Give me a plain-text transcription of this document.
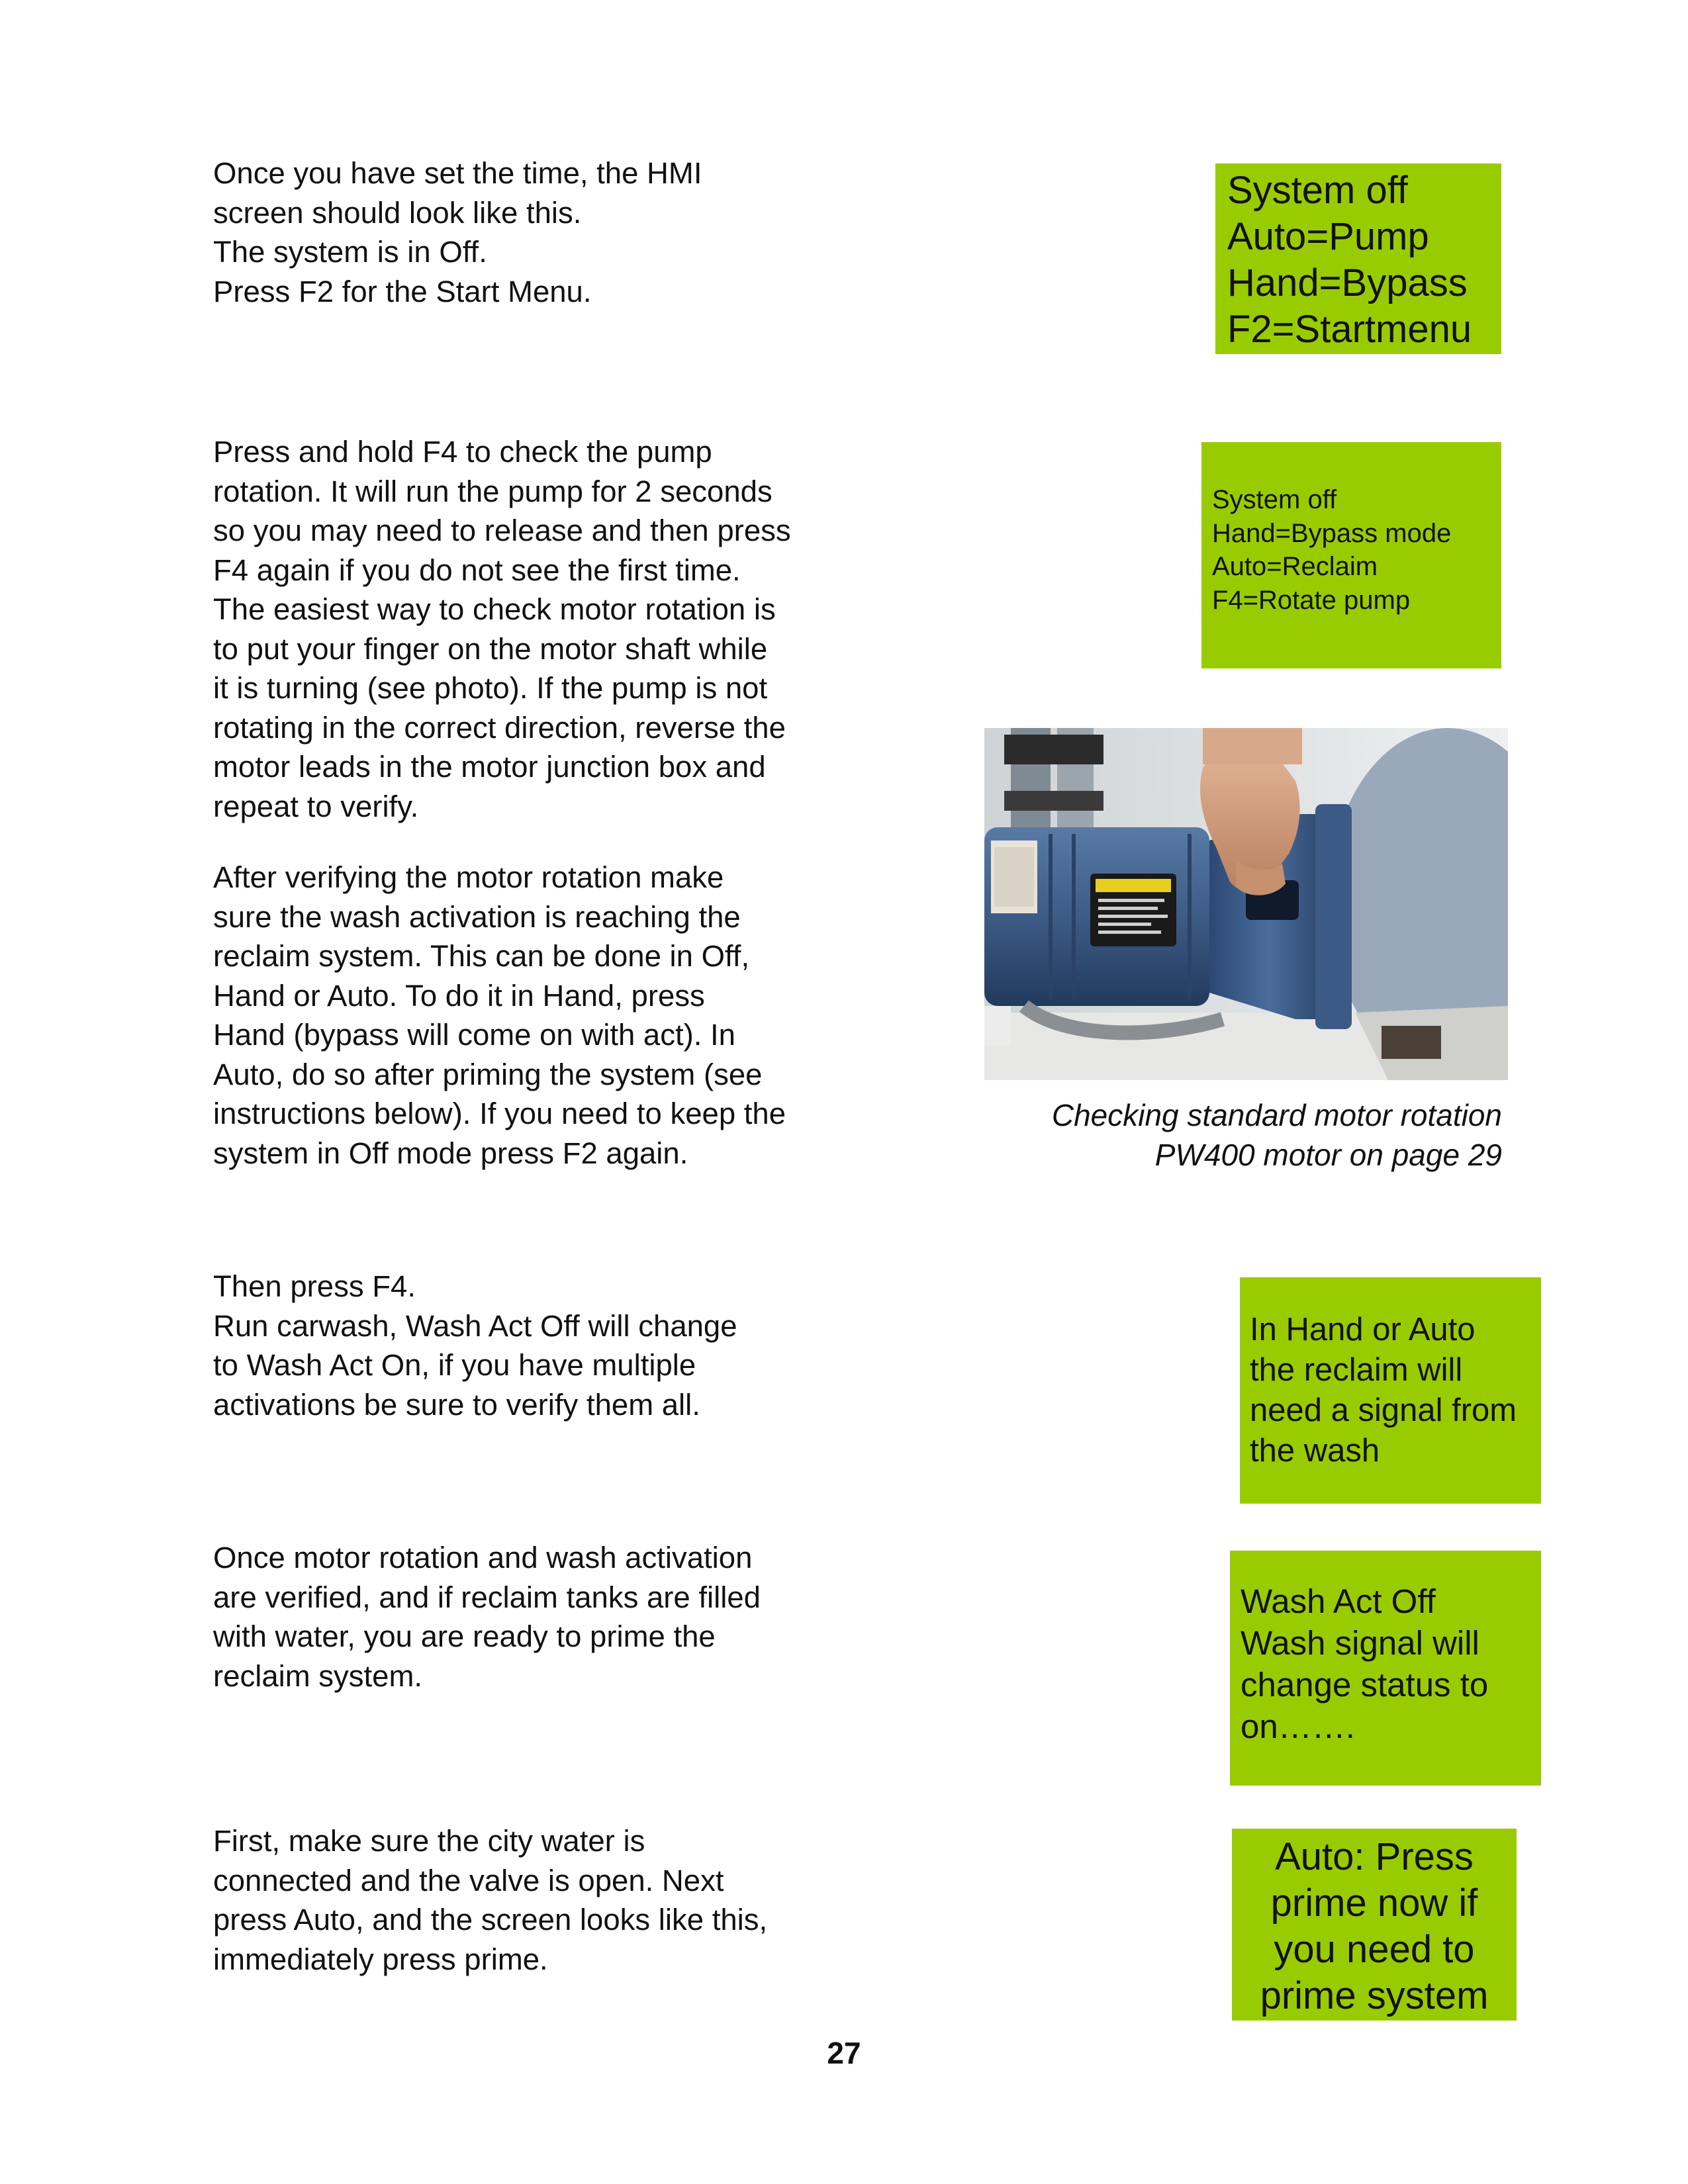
Once you have set the time, the HMI
screen should look like this.
The system is in Off.
Press F2 for the Start Menu.
Press and hold F4 to check the pump
rotation. It will run the pump for 2 seconds
so you may need to release and then press
F4 again if you do not see the first time.
The easiest way to check motor rotation is
to put your finger on the motor shaft while
it is turning (see photo). If the pump is not
rotating in the correct direction, reverse the
motor leads in the motor junction box and
repeat to verify.
After verifying the motor rotation make
sure the wash activation is reaching the
reclaim system. This can be done in Off,
Hand or Auto. To do it in Hand, press
Hand (bypass will come on with act). In
Auto, do so after priming the system (see
instructions below). If you need to keep the
system in Off mode press F2 again.
Then press F4.
Run carwash, Wash Act Off will change
to Wash Act On, if you have multiple
activations be sure to verify them all.
Once motor rotation and wash activation
are verified, and if reclaim tanks are filled
with water, you are ready to prime the
reclaim system.
First, make sure the city water is
connected and the valve is open. Next
press Auto, and the screen looks like this,
immediately press prime.
System off
Auto=Pump
Hand=Bypass
F2=Startmenu
System off
Hand=Bypass mode
Auto=Reclaim
F4=Rotate pump
In Hand or Auto
the reclaim will
need a signal from
the wash
Wash Act Off
Wash signal will
change status to
on…….
Auto: Press
prime now if
you need to
prime system
Checking standard motor rotation
PW400 motor on page 29
27
